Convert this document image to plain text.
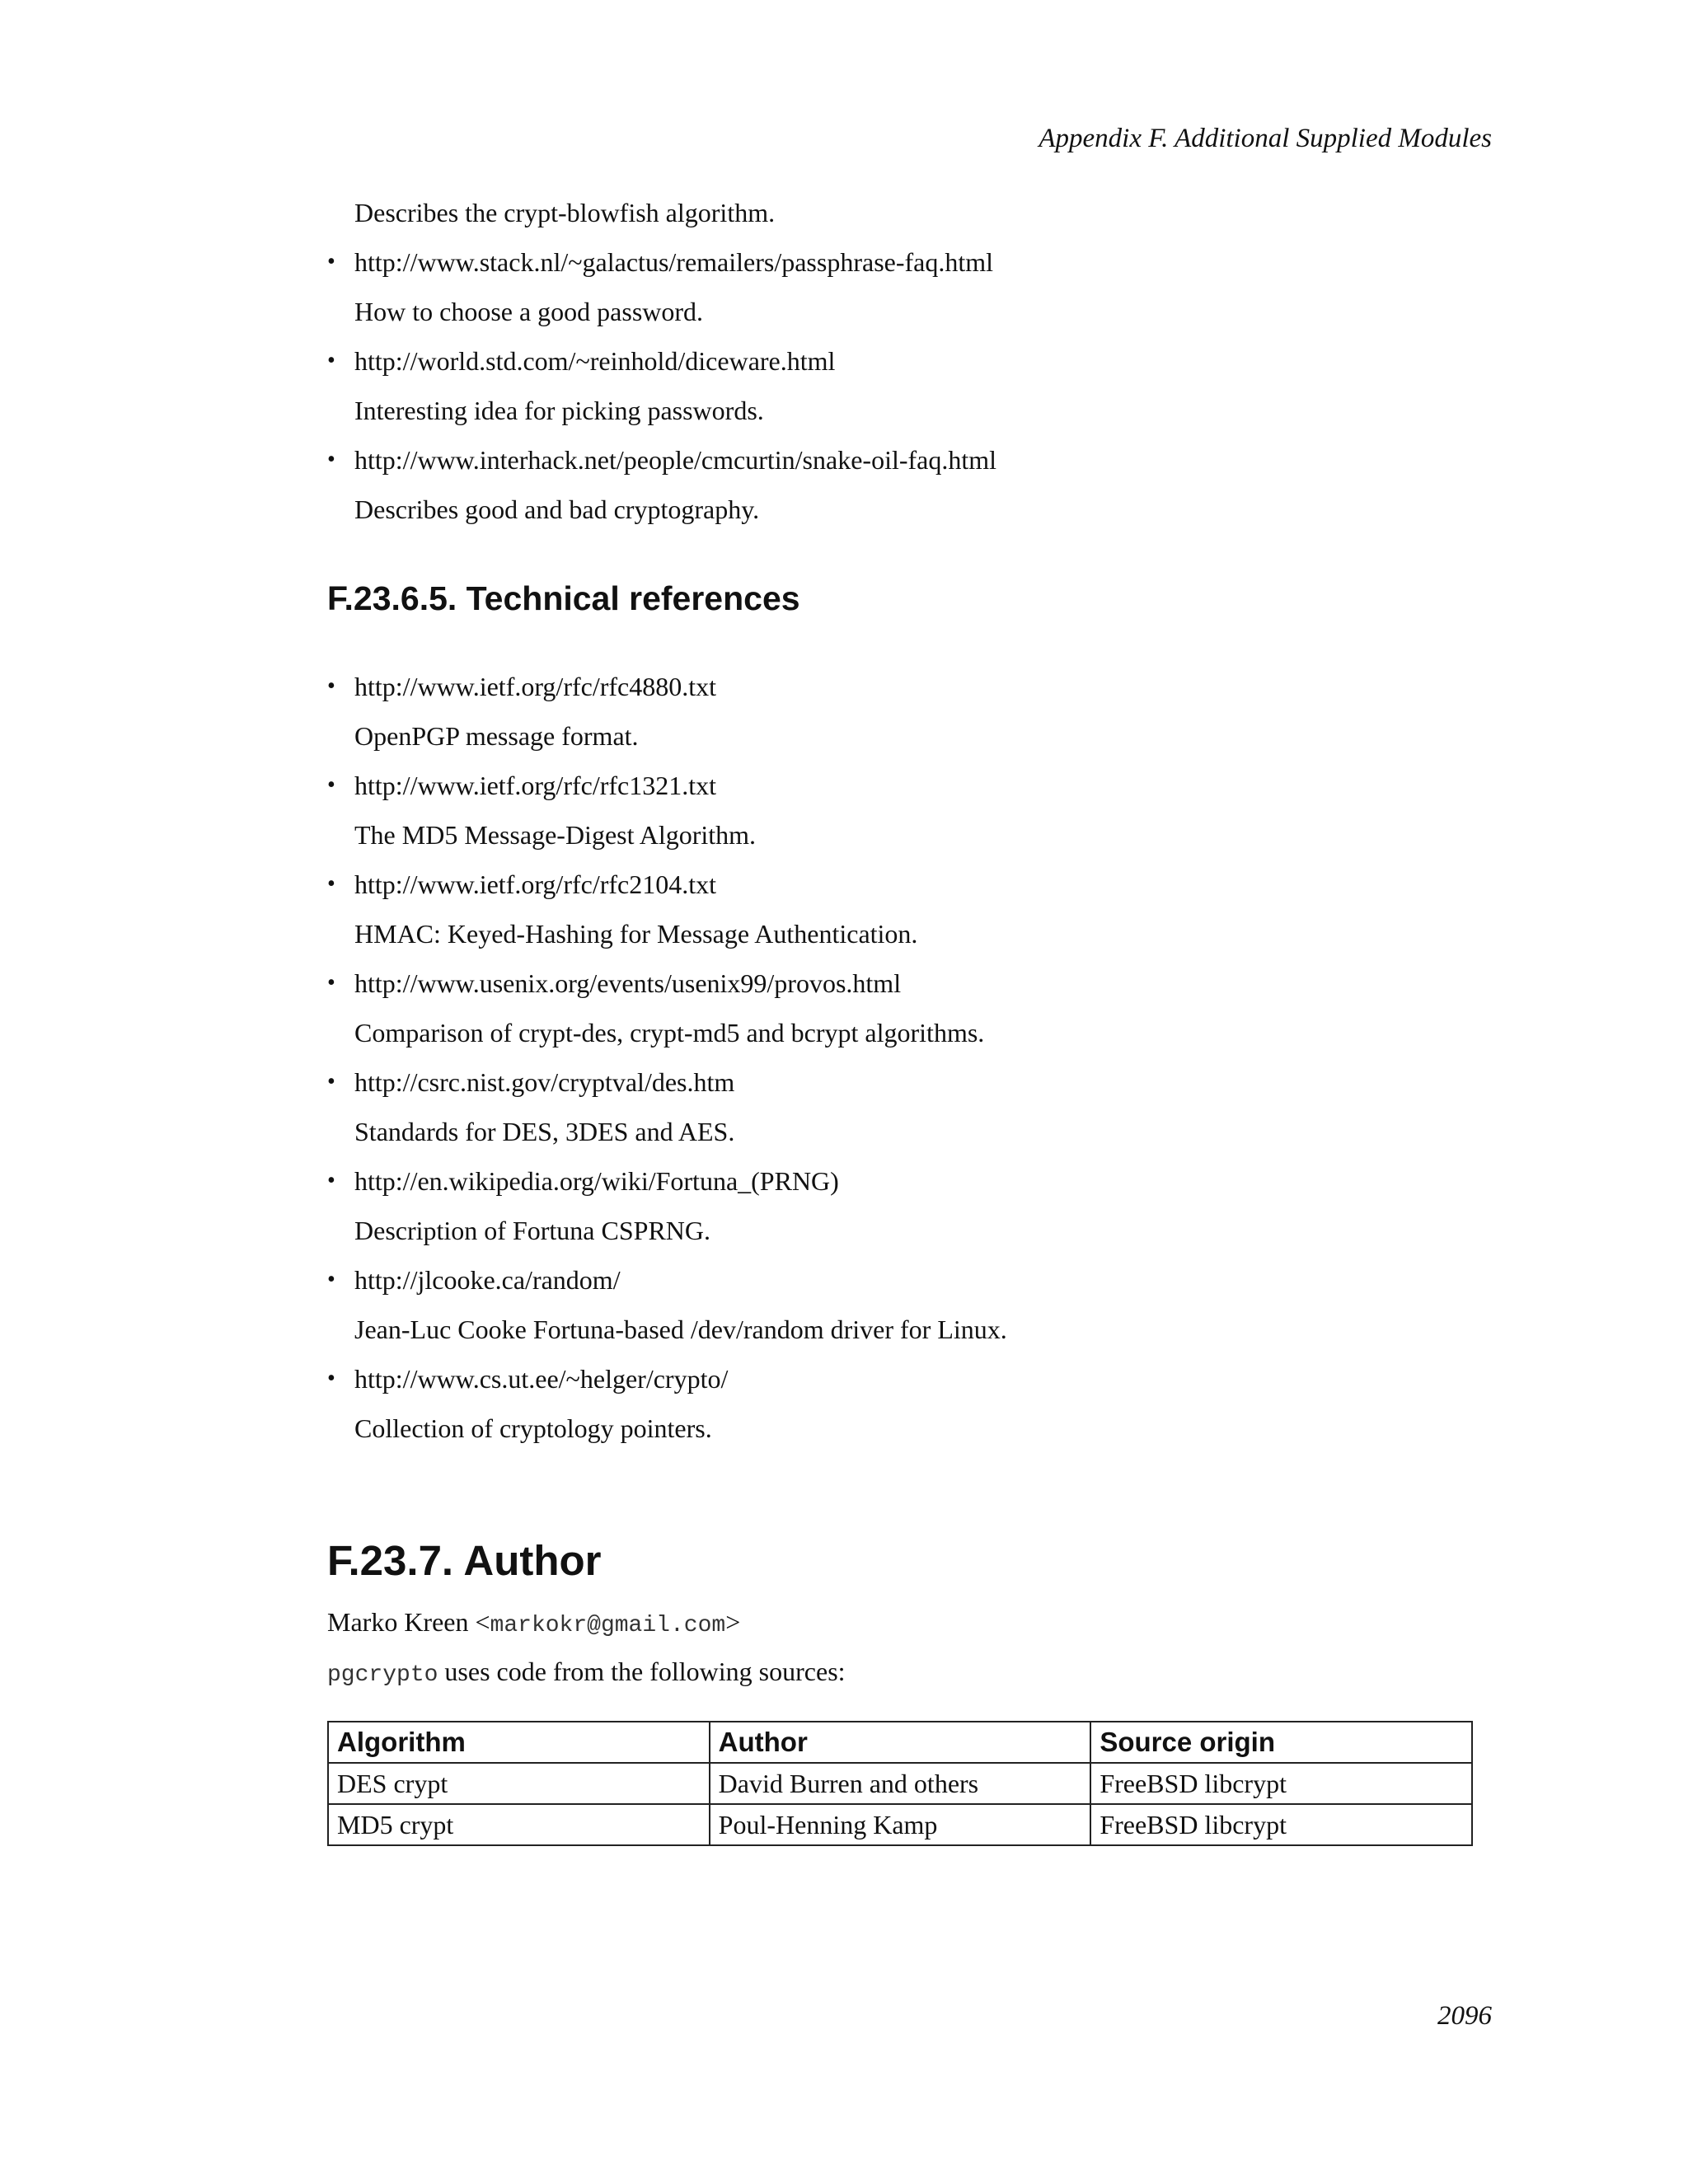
Appendix F. Additional Supplied Modules

Describes the crypt-blowfish algorithm.

• http://www.stack.nl/~galactus/remailers/passphrase-faq.html
How to choose a good password.
• http://world.std.com/~reinhold/diceware.html
Interesting idea for picking passwords.
• http://www.interhack.net/people/cmcurtin/snake-oil-faq.html
Describes good and bad cryptography.
F.23.6.5. Technical references
• http://www.ietf.org/rfc/rfc4880.txt
OpenPGP message format.
• http://www.ietf.org/rfc/rfc1321.txt
The MD5 Message-Digest Algorithm.
• http://www.ietf.org/rfc/rfc2104.txt
HMAC: Keyed-Hashing for Message Authentication.
• http://www.usenix.org/events/usenix99/provos.html
Comparison of crypt-des, crypt-md5 and bcrypt algorithms.
• http://csrc.nist.gov/cryptval/des.htm
Standards for DES, 3DES and AES.
• http://en.wikipedia.org/wiki/Fortuna_(PRNG)
Description of Fortuna CSPRNG.
• http://jlcooke.ca/random/
Jean-Luc Cooke Fortuna-based /dev/random driver for Linux.
• http://www.cs.ut.ee/~helger/crypto/
Collection of cryptology pointers.
F.23.7. Author

Marko Kreen <markokr@gmail.com>

pgcrypto uses code from the following sources:

Algorithm	Author	Source origin
DES crypt	David Burren and others	FreeBSD libcrypt
MD5 crypt	Poul-Henning Kamp	FreeBSD libcrypt
2096
